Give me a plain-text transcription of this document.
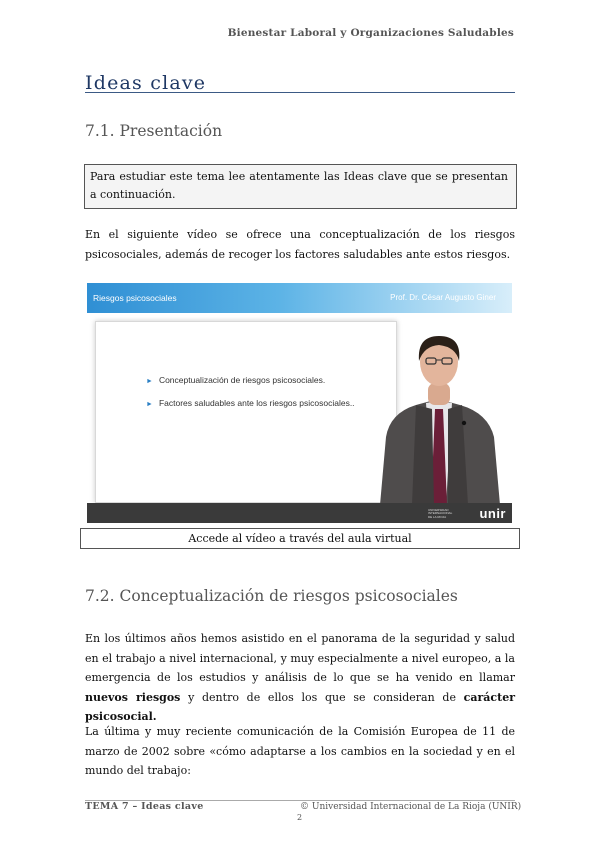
Bienestar Laboral y Organizaciones Saludables
Ideas clave
7.1. Presentación
Para estudiar este tema lee atentamente las Ideas clave que se presentan a continuación.
En el siguiente vídeo se ofrece una conceptualización de los riesgos psicosociales, además de recoger los factores saludables ante estos riesgos.
Riesgos psicosociales	Prof. Dr. César Augusto Giner
► Conceptualización de riesgos psicosociales.
► Factores saludables ante los riesgos psicosociales..
UNIVERSIDAD INTERNACIONAL DE LA RIOJA	unir
Accede al vídeo a través del aula virtual
7.2. Conceptualización de riesgos psicosociales
En los últimos años hemos asistido en el panorama de la seguridad y salud en el trabajo a nivel internacional, y muy especialmente a nivel europeo, a la emergencia de los estudios y análisis de lo que se ha venido en llamar nuevos riesgos y dentro de ellos los que se consideran de carácter psicosocial.
La última y muy reciente comunicación de la Comisión Europea de 11 de marzo de 2002 sobre «cómo adaptarse a los cambios en la sociedad y en el mundo del trabajo:
TEMA 7 – Ideas clave	© Universidad Internacional de La Rioja (UNIR)
2
